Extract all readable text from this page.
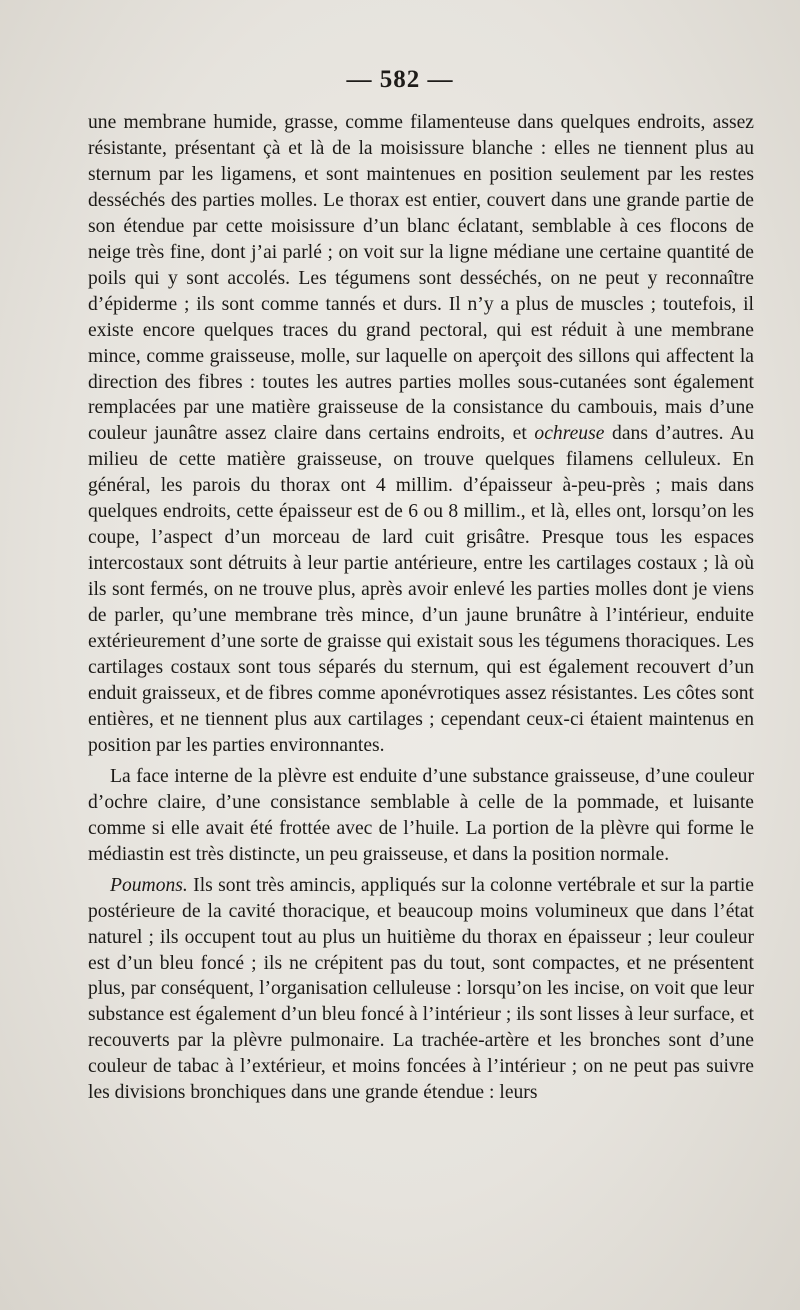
— 582 —

une membrane humide, grasse, comme filamenteuse dans quelques endroits, assez résistante, présentant çà et là de la moisissure blanche : elles ne tiennent plus au sternum par les ligamens, et sont maintenues en position seulement par les restes desséchés des parties molles. Le thorax est entier, couvert dans une grande partie de son étendue par cette moisissure d’un blanc éclatant, semblable à ces flocons de neige très fine, dont j’ai parlé ; on voit sur la ligne médiane une certaine quantité de poils qui y sont accolés. Les tégumens sont desséchés, on ne peut y reconnaître d’épiderme ; ils sont comme tannés et durs. Il n’y a plus de muscles ; toutefois, il existe encore quelques traces du grand pectoral, qui est réduit à une membrane mince, comme graisseuse, molle, sur laquelle on aperçoit des sillons qui affectent la direction des fibres : toutes les autres parties molles sous-cutanées sont également remplacées par une matière graisseuse de la consistance du cambouis, mais d’une couleur jaunâtre assez claire dans certains endroits, et ochreuse dans d’autres. Au milieu de cette matière graisseuse, on trouve quelques filamens celluleux. En général, les parois du thorax ont 4 millim. d’épaisseur à-peu-près ; mais dans quelques endroits, cette épaisseur est de 6 ou 8 millim., et là, elles ont, lorsqu’on les coupe, l’aspect d’un morceau de lard cuit grisâtre. Presque tous les espaces intercostaux sont détruits à leur partie antérieure, entre les cartilages costaux ; là où ils sont fermés, on ne trouve plus, après avoir enlevé les parties molles dont je viens de parler, qu’une membrane très mince, d’un jaune brunâtre à l’intérieur, enduite extérieurement d’une sorte de graisse qui existait sous les tégumens thoraciques. Les cartilages costaux sont tous séparés du sternum, qui est également recouvert d’un enduit graisseux, et de fibres comme aponévrotiques assez résistantes. Les côtes sont entières, et ne tiennent plus aux cartilages ; cependant ceux-ci étaient maintenus en position par les parties environnantes.

La face interne de la plèvre est enduite d’une substance graisseuse, d’une couleur d’ochre claire, d’une consistance semblable à celle de la pommade, et luisante comme si elle avait été frottée avec de l’huile. La portion de la plèvre qui forme le médiastin est très distincte, un peu graisseuse, et dans la position normale.

Poumons. Ils sont très amincis, appliqués sur la colonne vertébrale et sur la partie postérieure de la cavité thoracique, et beaucoup moins volumineux que dans l’état naturel ; ils occupent tout au plus un huitième du thorax en épaisseur ; leur couleur est d’un bleu foncé ; ils ne crépitent pas du tout, sont compactes, et ne présentent plus, par conséquent, l’organisation celluleuse : lorsqu’on les incise, on voit que leur substance est également d’un bleu foncé à l’intérieur ; ils sont lisses à leur surface, et recouverts par la plèvre pulmonaire. La trachée-artère et les bronches sont d’une couleur de tabac à l’extérieur, et moins foncées à l’intérieur ; on ne peut pas suivre les divisions bronchiques dans une grande étendue : leurs
